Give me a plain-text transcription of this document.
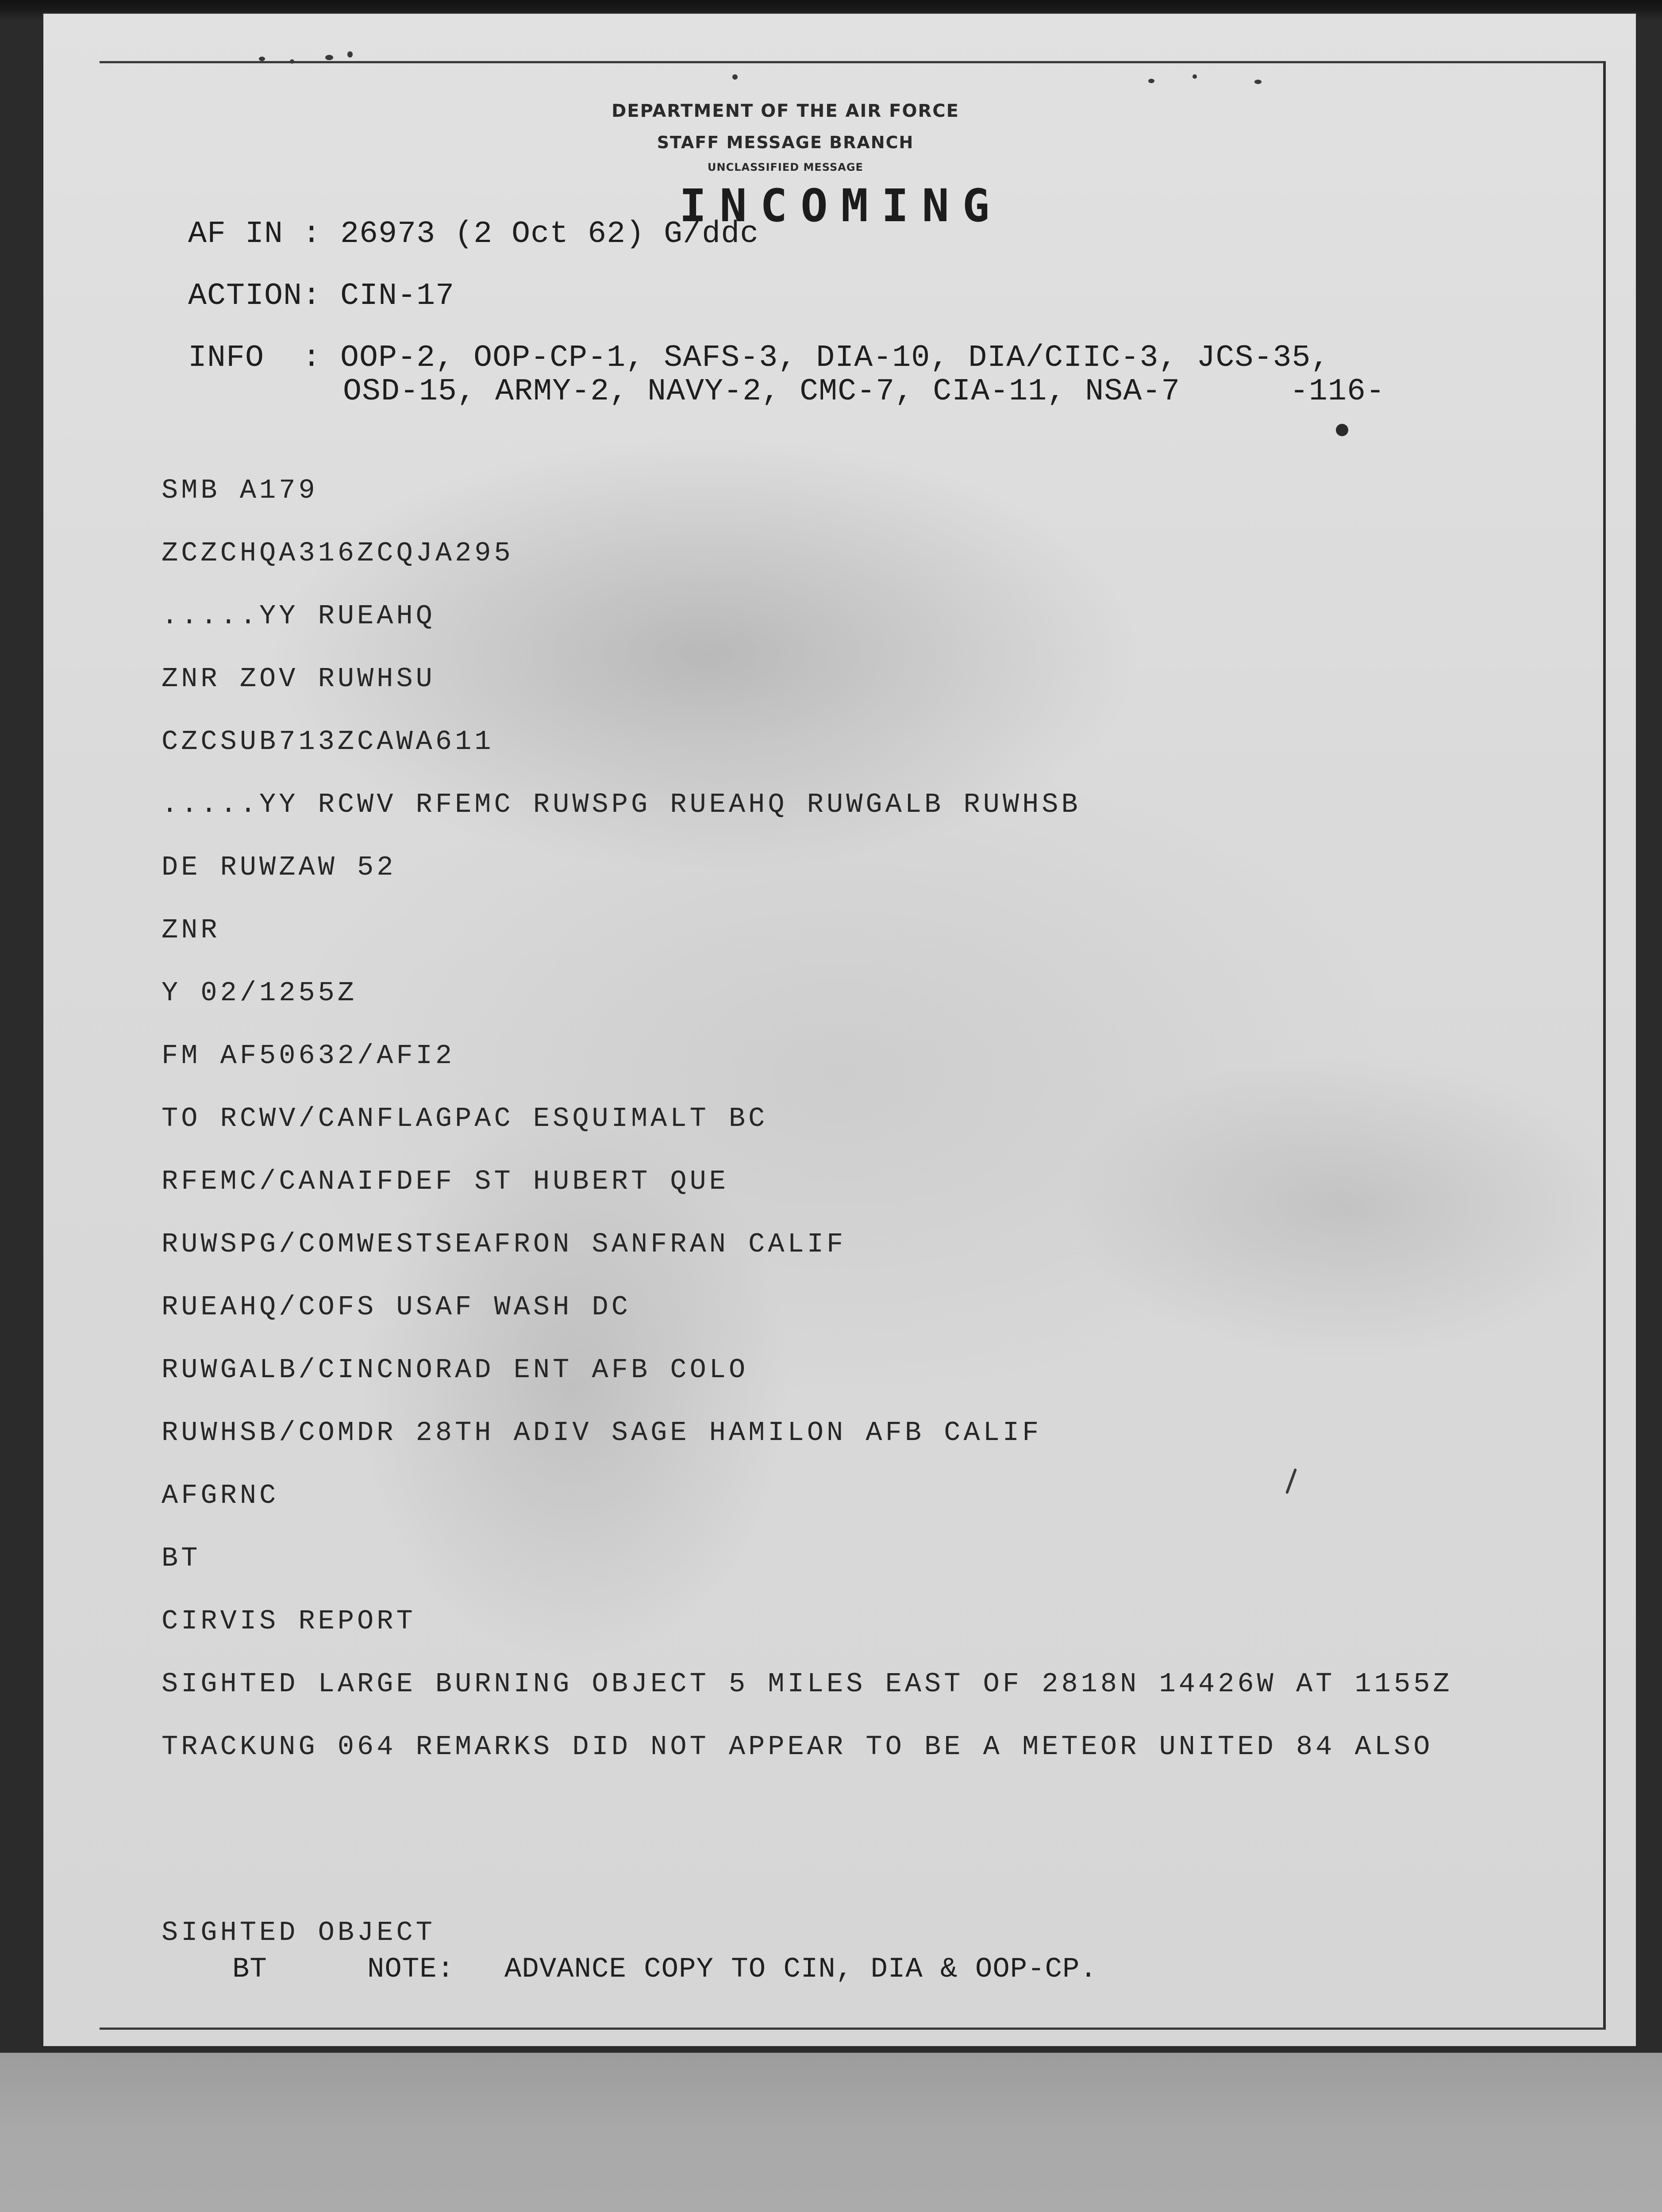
DEPARTMENT OF THE AIR FORCE
STAFF MESSAGE BRANCH
UNCLASSIFIED MESSAGE
INCOMING
AF IN : 26973 (2 Oct 62) G/ddc
ACTION: CIN-17
INFO  : OOP-2, OOP-CP-1, SAFS-3, DIA-10, DIA/CIIC-3, JCS-35,
OSD-15, ARMY-2, NAVY-2, CMC-7, CIA-11, NSA-7	-116-
SMB A179
ZCZCHQA316ZCQJA295
.....YY RUEAHQ
ZNR ZOV RUWHSU
CZCSUB713ZCAWA611
.....YY RCWV RFEMC RUWSPG RUEAHQ RUWGALB RUWHSB
DE RUWZAW 52
ZNR
Y 02/1255Z
FM AF50632/AFI2
TO RCWV/CANFLAGPAC ESQUIMALT BC
RFEMC/CANAIFDEF ST HUBERT QUE
RUWSPG/COMWESTSEAFRON SANFRAN CALIF
RUEAHQ/COFS USAF WASH DC
RUWGALB/CINCNORAD ENT AFB COLO
RUWHSB/COMDR 28TH ADIV SAGE HAMILON AFB CALIF
AFGRNC
BT
CIRVIS REPORT
SIGHTED LARGE BURNING OBJECT 5 MILES EAST OF 2818N 14426W AT 1155Z
TRACKUNG 064 REMARKS DID NOT APPEAR TO BE A METEOR UNITED 84 ALSO
SIGHTED OBJECT
BT	NOTE: ADVANCE COPY TO CIN, DIA & OOP-CP.
